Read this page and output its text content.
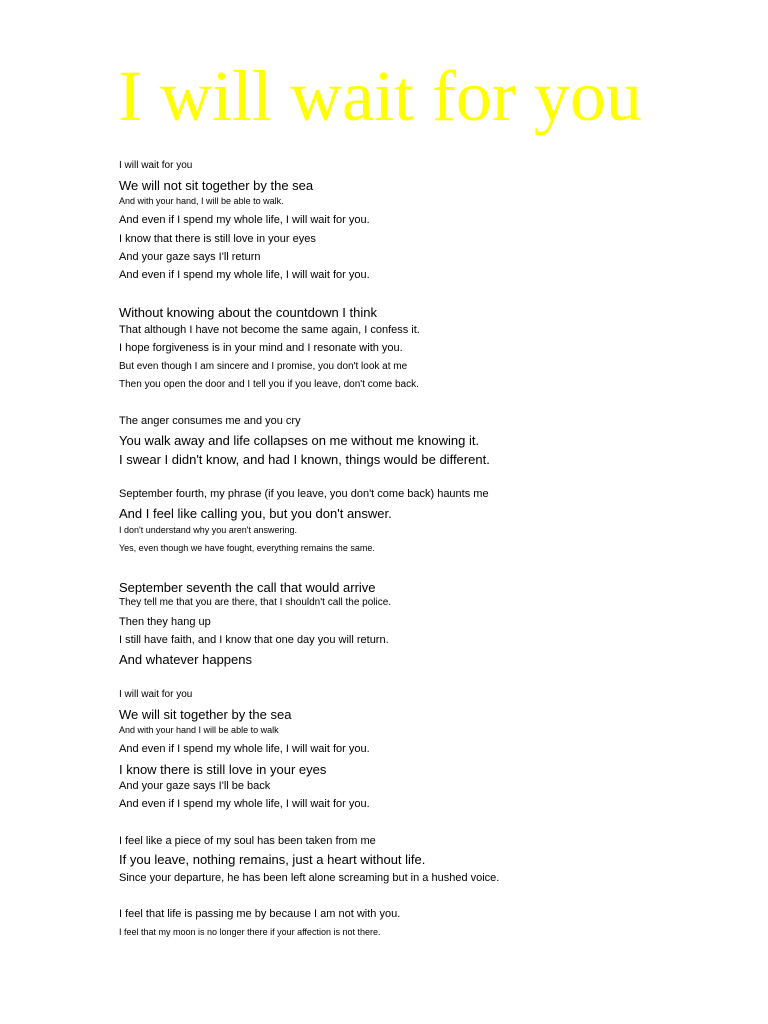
I will wait for you

I will wait for you

We will not sit together by the sea

And with your hand, I will be able to walk.

And even if I spend my whole life, I will wait for you.

I know that there is still love in your eyes

And your gaze says I'll return

And even if I spend my whole life, I will wait for you.

Without knowing about the countdown I think

That although I have not become the same again, I confess it.

I hope forgiveness is in your mind and I resonate with you.

But even though I am sincere and I promise, you don't look at me

Then you open the door and I tell you if you leave, don't come back.

The anger consumes me and you cry

You walk away and life collapses on me without me knowing it.

I swear I didn't know, and had I known, things would be different.

September fourth, my phrase (if you leave, you don't come back) haunts me

And I feel like calling you, but you don't answer.

I don't understand why you aren't answering.

Yes, even though we have fought, everything remains the same.

September seventh the call that would arrive

They tell me that you are there, that I shouldn't call the police.

Then they hang up

I still have faith, and I know that one day you will return.

And whatever happens

I will wait for you

We will sit together by the sea

And with your hand I will be able to walk

And even if I spend my whole life, I will wait for you.

I know there is still love in your eyes

And your gaze says I'll be back

And even if I spend my whole life, I will wait for you.

I feel like a piece of my soul has been taken from me

If you leave, nothing remains, just a heart without life.

Since your departure, he has been left alone screaming but in a hushed voice.

I feel that life is passing me by because I am not with you.

I feel that my moon is no longer there if your affection is not there.
